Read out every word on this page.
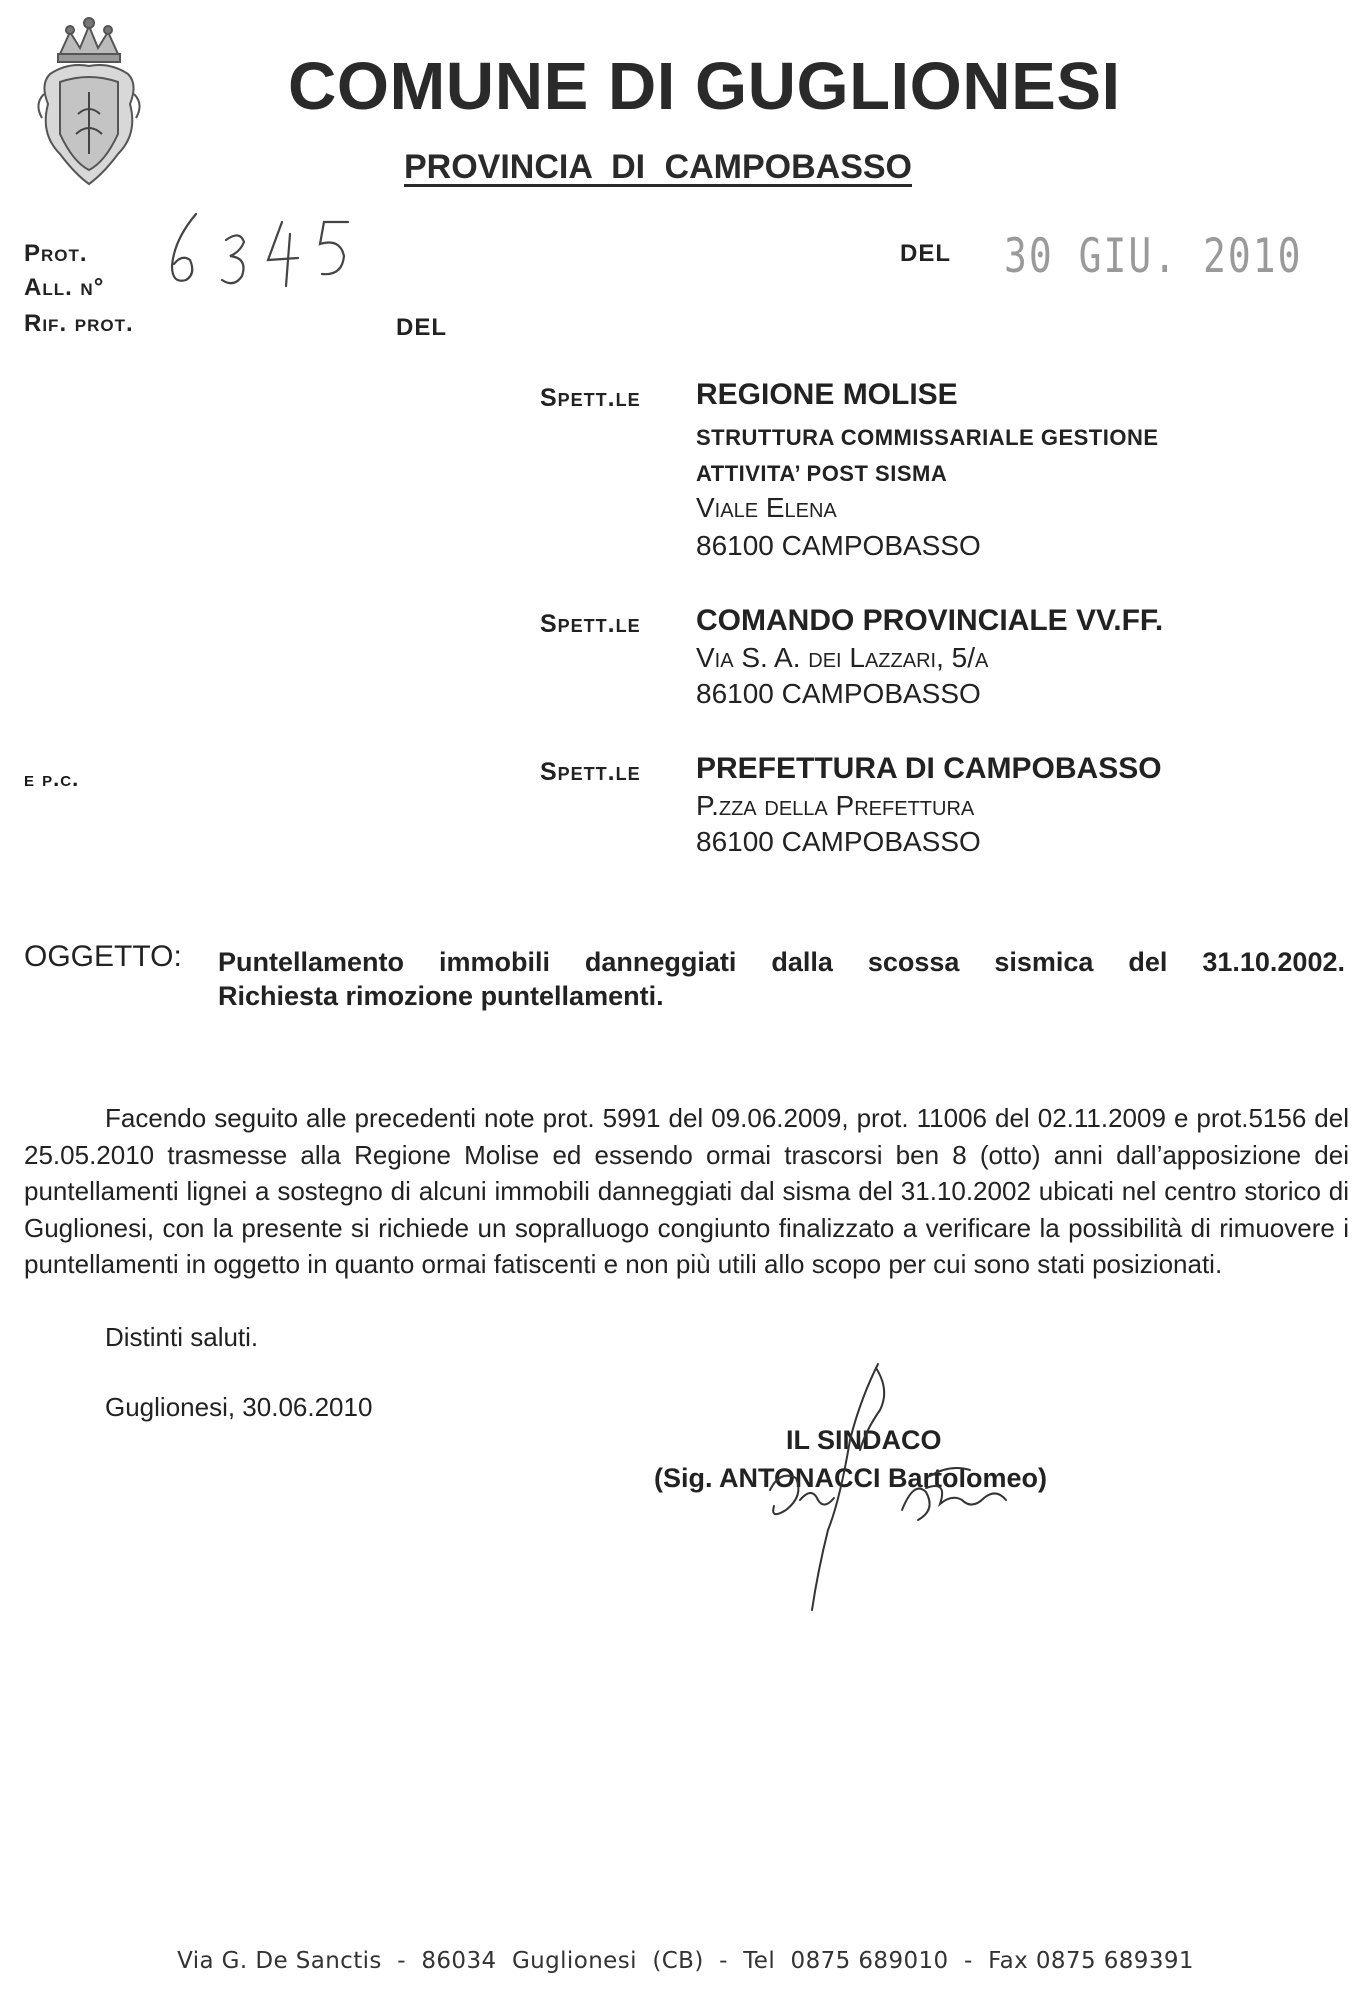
COMUNE DI GUGLIONESI
PROVINCIA DI CAMPOBASSO
Prot.
All. n°
Rif. prot.	DEL
DEL 30 GIU. 2010
Spett.le REGIONE MOLISE
STRUTTURA COMMISSARIALE GESTIONE
ATTIVITA’ POST SISMA
Viale Elena
86100 CAMPOBASSO
Spett.le COMANDO PROVINCIALE VV.FF.
Via S. A. dei Lazzari, 5/a
86100 CAMPOBASSO
e p.c.	Spett.le PREFETTURA DI CAMPOBASSO
P.zza della Prefettura
86100 CAMPOBASSO
OGGETTO: Puntellamento immobili danneggiati dalla scossa sismica del 31.10.2002.
Richiesta rimozione puntellamenti.

Facendo seguito alle precedenti note prot. 5991 del 09.06.2009, prot. 11006 del 02.11.2009 e prot.5156 del 25.05.2010 trasmesse alla Regione Molise ed essendo ormai trascorsi ben 8 (otto) anni dall’apposizione dei puntellamenti lignei a sostegno di alcuni immobili danneggiati dal sisma del 31.10.2002 ubicati nel centro storico di Guglionesi, con la presente si richiede un sopralluogo congiunto finalizzato a verificare la possibilità di rimuovere i puntellamenti in oggetto in quanto ormai fatiscenti e non più utili allo scopo per cui sono stati posizionati.

Distinti saluti.
Guglionesi, 30.06.2010
IL SINDACO
(Sig. ANTONACCI Bartolomeo)
Via G. De Sanctis  -  86034  Guglionesi  (CB)  -  Tel  0875 689010  -  Fax 0875 689391
